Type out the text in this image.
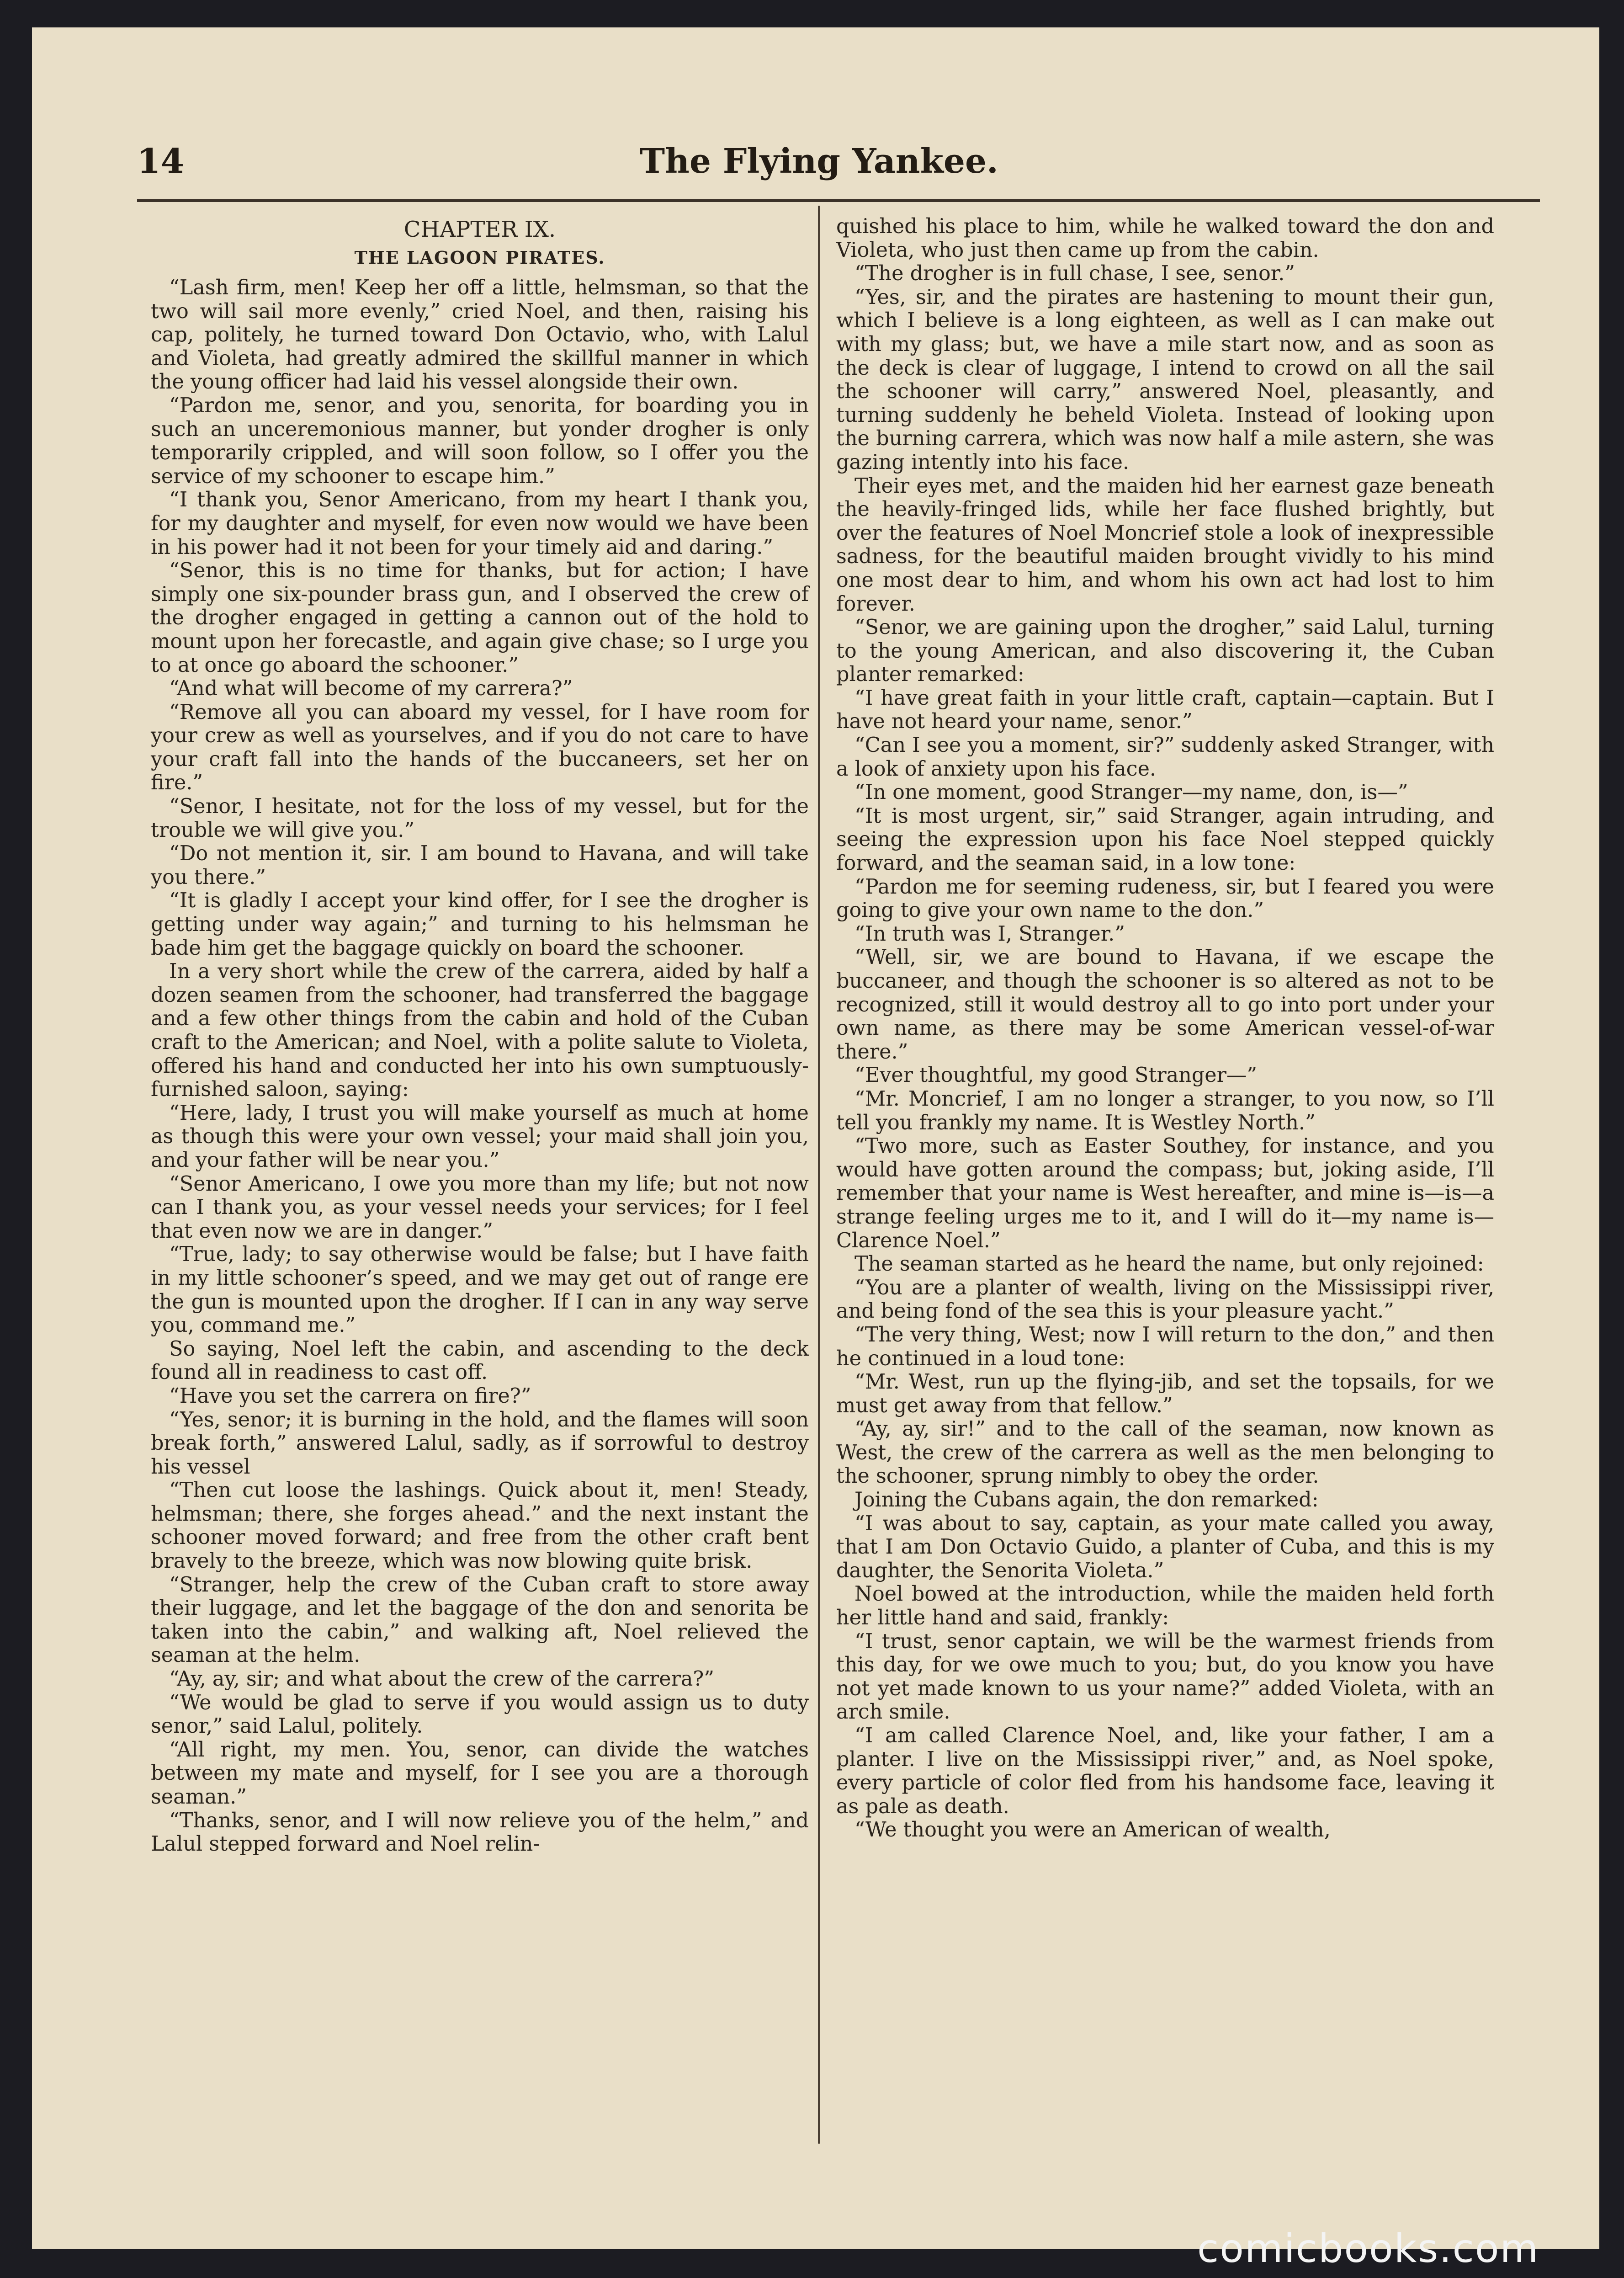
14	The Flying Yankee.
CHAPTER IX.
THE LAGOON PIRATES.

“Lash firm, men! Keep her off a little, helmsman, so that the two will sail more evenly,” cried Noel, and then, raising his cap, politely, he turned toward Don Octavio, who, with Lalul and Violeta, had greatly admired the skillful manner in which the young officer had laid his vessel alongside their own.

“Pardon me, senor, and you, senorita, for boarding you in such an unceremonious manner, but yonder drogher is only temporarily crippled, and will soon follow, so I offer you the service of my schooner to escape him.”

“I thank you, Senor Americano, from my heart I thank you, for my daughter and myself, for even now would we have been in his power had it not been for your timely aid and daring.”

“Senor, this is no time for thanks, but for action; I have simply one six-pounder brass gun, and I observed the crew of the drogher engaged in getting a cannon out of the hold to mount upon her forecastle, and again give chase; so I urge you to at once go aboard the schooner.”

“And what will become of my carrera?”

“Remove all you can aboard my vessel, for I have room for your crew as well as yourselves, and if you do not care to have your craft fall into the hands of the buccaneers, set her on fire.”

“Senor, I hesitate, not for the loss of my vessel, but for the trouble we will give you.”

“Do not mention it, sir. I am bound to Havana, and will take you there.”

“It is gladly I accept your kind offer, for I see the drogher is getting under way again;” and turning to his helmsman he bade him get the baggage quickly on board the schooner.

In a very short while the crew of the carrera, aided by half a dozen seamen from the schooner, had transferred the baggage and a few other things from the cabin and hold of the Cuban craft to the American; and Noel, with a polite salute to Violeta, offered his hand and conducted her into his own sumptuously-furnished saloon, saying:

“Here, lady, I trust you will make yourself as much at home as though this were your own vessel; your maid shall join you, and your father will be near you.”

“Senor Americano, I owe you more than my life; but not now can I thank you, as your vessel needs your services; for I feel that even now we are in danger.”

“True, lady; to say otherwise would be false; but I have faith in my little schooner’s speed, and we may get out of range ere the gun is mounted upon the drogher. If I can in any way serve you, command me.”

So saying, Noel left the cabin, and ascending to the deck found all in readiness to cast off.

“Have you set the carrera on fire?”

“Yes, senor; it is burning in the hold, and the flames will soon break forth,” answered Lalul, sadly, as if sorrowful to destroy his vessel

“Then cut loose the lashings. Quick about it, men! Steady, helmsman; there, she forges ahead.” and the next instant the schooner moved forward; and free from the other craft bent bravely to the breeze, which was now blowing quite brisk.

“Stranger, help the crew of the Cuban craft to store away their luggage, and let the baggage of the don and senorita be taken into the cabin,” and walking aft, Noel relieved the seaman at the helm.

“Ay, ay, sir; and what about the crew of the carrera?”

“We would be glad to serve if you would assign us to duty senor,” said Lalul, politely.

“All right, my men. You, senor, can divide the watches between my mate and myself, for I see you are a thorough seaman.”

“Thanks, senor, and I will now relieve you of the helm,” and Lalul stepped forward and Noel relin-

quished his place to him, while he walked toward the don and Violeta, who just then came up from the cabin.

“The drogher is in full chase, I see, senor.”

“Yes, sir, and the pirates are hastening to mount their gun, which I believe is a long eighteen, as well as I can make out with my glass; but, we have a mile start now, and as soon as the deck is clear of luggage, I intend to crowd on all the sail the schooner will carry,” answered Noel, pleasantly, and turning suddenly he beheld Violeta. Instead of looking upon the burning carrera, which was now half a mile astern, she was gazing intently into his face.

Their eyes met, and the maiden hid her earnest gaze beneath the heavily-fringed lids, while her face flushed brightly, but over the features of Noel Moncrief stole a look of inexpressible sadness, for the beautiful maiden brought vividly to his mind one most dear to him, and whom his own act had lost to him forever.

“Senor, we are gaining upon the drogher,” said Lalul, turning to the young American, and also discovering it, the Cuban planter remarked:

“I have great faith in your little craft, captain—captain. But I have not heard your name, senor.”

“Can I see you a moment, sir?” suddenly asked Stranger, with a look of anxiety upon his face.

“In one moment, good Stranger—my name, don, is—”

“It is most urgent, sir,” said Stranger, again intruding, and seeing the expression upon his face Noel stepped quickly forward, and the seaman said, in a low tone:

“Pardon me for seeming rudeness, sir, but I feared you were going to give your own name to the don.”

“In truth was I, Stranger.”

“Well, sir, we are bound to Havana, if we escape the buccaneer, and though the schooner is so altered as not to be recognized, still it would destroy all to go into port under your own name, as there may be some American vessel-of-war there.”

“Ever thoughtful, my good Stranger—”

“Mr. Moncrief, I am no longer a stranger, to you now, so I’ll tell you frankly my name. It is Westley North.”

“Two more, such as Easter Southey, for instance, and you would have gotten around the compass; but, joking aside, I’ll remember that your name is West hereafter, and mine is—is—a strange feeling urges me to it, and I will do it—my name is—Clarence Noel.”

The seaman started as he heard the name, but only rejoined:

“You are a planter of wealth, living on the Mississippi river, and being fond of the sea this is your pleasure yacht.”

“The very thing, West; now I will return to the don,” and then he continued in a loud tone:

“Mr. West, run up the flying-jib, and set the topsails, for we must get away from that fellow.”

“Ay, ay, sir!” and to the call of the seaman, now known as West, the crew of the carrera as well as the men belonging to the schooner, sprung nimbly to obey the order.

Joining the Cubans again, the don remarked:

“I was about to say, captain, as your mate called you away, that I am Don Octavio Guido, a planter of Cuba, and this is my daughter, the Senorita Violeta.”

Noel bowed at the introduction, while the maiden held forth her little hand and said, frankly:

“I trust, senor captain, we will be the warmest friends from this day, for we owe much to you; but, do you know you have not yet made known to us your name?” added Violeta, with an arch smile.

“I am called Clarence Noel, and, like your father, I am a planter. I live on the Mississippi river,” and, as Noel spoke, every particle of color fled from his handsome face, leaving it as pale as death.

“We thought you were an American of wealth,

comicbooks.com
